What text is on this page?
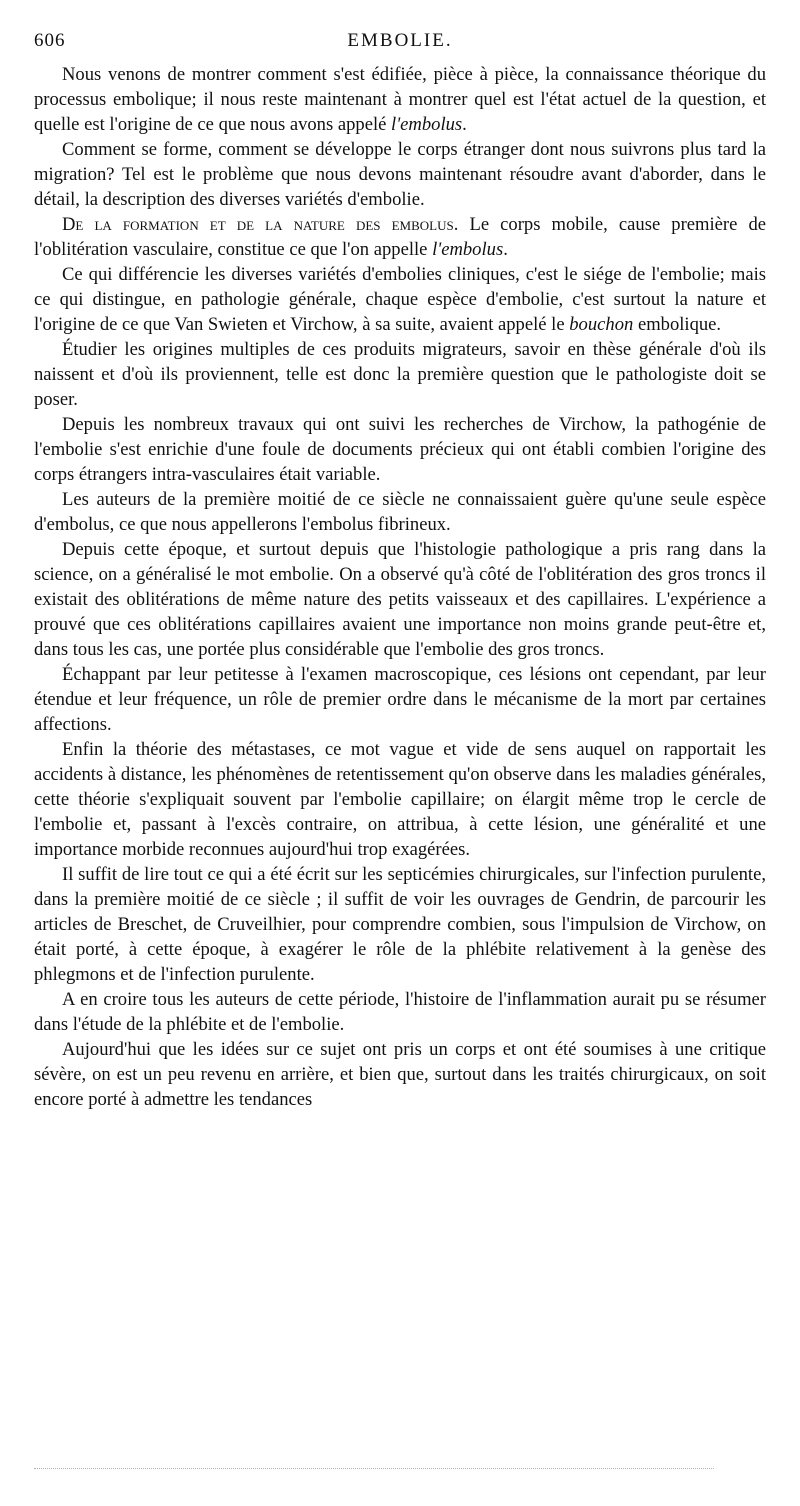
606	EMBOLIE.

Nous venons de montrer comment s'est édifiée, pièce à pièce, la connaissance théorique du processus embolique; il nous reste maintenant à montrer quel est l'état actuel de la question, et quelle est l'origine de ce que nous avons appelé l'embolus.

Comment se forme, comment se développe le corps étranger dont nous suivrons plus tard la migration? Tel est le problème que nous devons maintenant résoudre avant d'aborder, dans le détail, la description des diverses variétés d'embolie.

De la formation et de la nature des embolus. Le corps mobile, cause première de l'oblitération vasculaire, constitue ce que l'on appelle l'embolus.

Ce qui différencie les diverses variétés d'embolies cliniques, c'est le siége de l'embolie; mais ce qui distingue, en pathologie générale, chaque espèce d'embolie, c'est surtout la nature et l'origine de ce que Van Swieten et Virchow, à sa suite, avaient appelé le bouchon embolique.

Étudier les origines multiples de ces produits migrateurs, savoir en thèse générale d'où ils naissent et d'où ils proviennent, telle est donc la première question que le pathologiste doit se poser.

Depuis les nombreux travaux qui ont suivi les recherches de Virchow, la pathogénie de l'embolie s'est enrichie d'une foule de documents précieux qui ont établi combien l'origine des corps étrangers intra-vasculaires était variable.

Les auteurs de la première moitié de ce siècle ne connaissaient guère qu'une seule espèce d'embolus, ce que nous appellerons l'embolus fibrineux.

Depuis cette époque, et surtout depuis que l'histologie pathologique a pris rang dans la science, on a généralisé le mot embolie. On a observé qu'à côté de l'oblitération des gros troncs il existait des oblitérations de même nature des petits vaisseaux et des capillaires. L'expérience a prouvé que ces oblitérations capillaires avaient une importance non moins grande peut-être et, dans tous les cas, une portée plus considérable que l'embolie des gros troncs.

Échappant par leur petitesse à l'examen macroscopique, ces lésions ont cependant, par leur étendue et leur fréquence, un rôle de premier ordre dans le mécanisme de la mort par certaines affections.

Enfin la théorie des métastases, ce mot vague et vide de sens auquel on rapportait les accidents à distance, les phénomènes de retentissement qu'on observe dans les maladies générales, cette théorie s'expliquait souvent par l'embolie capillaire; on élargit même trop le cercle de l'embolie et, passant à l'excès contraire, on attribua, à cette lésion, une généralité et une importance morbide reconnues aujourd'hui trop exagérées.

Il suffit de lire tout ce qui a été écrit sur les septicémies chirurgicales, sur l'infection purulente, dans la première moitié de ce siècle ; il suffit de voir les ouvrages de Gendrin, de parcourir les articles de Breschet, de Cruveilhier, pour comprendre combien, sous l'impulsion de Virchow, on était porté, à cette époque, à exagérer le rôle de la phlébite relativement à la genèse des phlegmons et de l'infection purulente.

A en croire tous les auteurs de cette période, l'histoire de l'inflammation aurait pu se résumer dans l'étude de la phlébite et de l'embolie.

Aujourd'hui que les idées sur ce sujet ont pris un corps et ont été soumises à une critique sévère, on est un peu revenu en arrière, et bien que, surtout dans les traités chirurgicaux, on soit encore porté à admettre les tendances
